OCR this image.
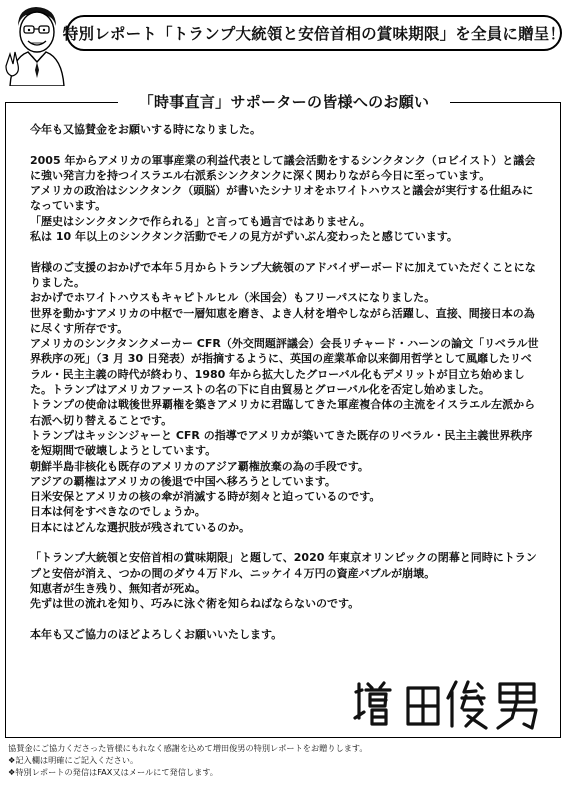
特別レポート「トランプ大統領と安倍首相の賞味期限」を全員に贈呈！
「時事直言」サポーターの皆様へのお願い

今年も又協賛金をお願いする時になりました。

2005 年からアメリカの軍事産業の利益代表として議会活動をするシンクタンク（ロビイスト）と議会に強い発言力を持つイスラエル右派系シンクタンクに深く関わりながら今日に至っています。

アメリカの政治はシンクタンク（頭脳）が書いたシナリオをホワイトハウスと議会が実行する仕組みになっています。

「歴史はシンクタンクで作られる」と言っても過言ではありません。

私は 10 年以上のシンクタンク活動でモノの見方がずいぶん変わったと感じています。

皆様のご支援のおかげで本年５月からトランプ大統領のアドバイザーボードに加えていただくことになりました。

おかげでホワイトハウスもキャピトルヒル（米国会）もフリーパスになりました。

世界を動かすアメリカの中枢で一層知恵を磨き、よき人材を増やしながら活躍し、直接、間接日本の為に尽くす所存です。

アメリカのシンクタンクメーカー CFR（外交問題評議会）会長リチャード・ハーンの論文「リベラル世界秩序の死」（3 月 30 日発表）が指摘するように、英国の産業革命以来御用哲学として風靡したリベラル・民主主義の時代が終わり、1980 年から拡大したグローバル化もデメリットが目立ち始めました。トランプはアメリカファーストの名の下に自由貿易とグローバル化を否定し始めました。

トランプの使命は戦後世界覇権を築きアメリカに君臨してきた軍産複合体の主流をイスラエル左派から右派へ切り替えることです。

トランプはキッシンジャーと CFR の指導でアメリカが築いてきた既存のリベラル・民主主義世界秩序を短期間で破壊しようとしています。

朝鮮半島非核化も既存のアメリカのアジア覇権放棄の為の手段です。

アジアの覇権はアメリカの後退で中国へ移ろうとしています。

日米安保とアメリカの核の傘が消滅する時が刻々と迫っているのです。

日本は何をすべきなのでしょうか。

日本にはどんな選択肢が残されているのか。

「トランプ大統領と安倍首相の賞味期限」と題して、2020 年東京オリンピックの閉幕と同時にトランプと安倍が消え、つかの間のダウ４万ドル、ニッケイ４万円の資産バブルが崩壊。

知恵者が生き残り、無知者が死ぬ。

先ずは世の流れを知り、巧みに泳ぐ術を知らねばならないのです。

本年も又ご協力のほどよろしくお願いいたします。

協賛金にご協力くださった皆様にもれなく感謝を込めて増田俊男の特別レポートをお贈りします。

❖記入欄は明確にご記入ください。

❖特別レポートの発信はFAX又はメールにて発信します。
